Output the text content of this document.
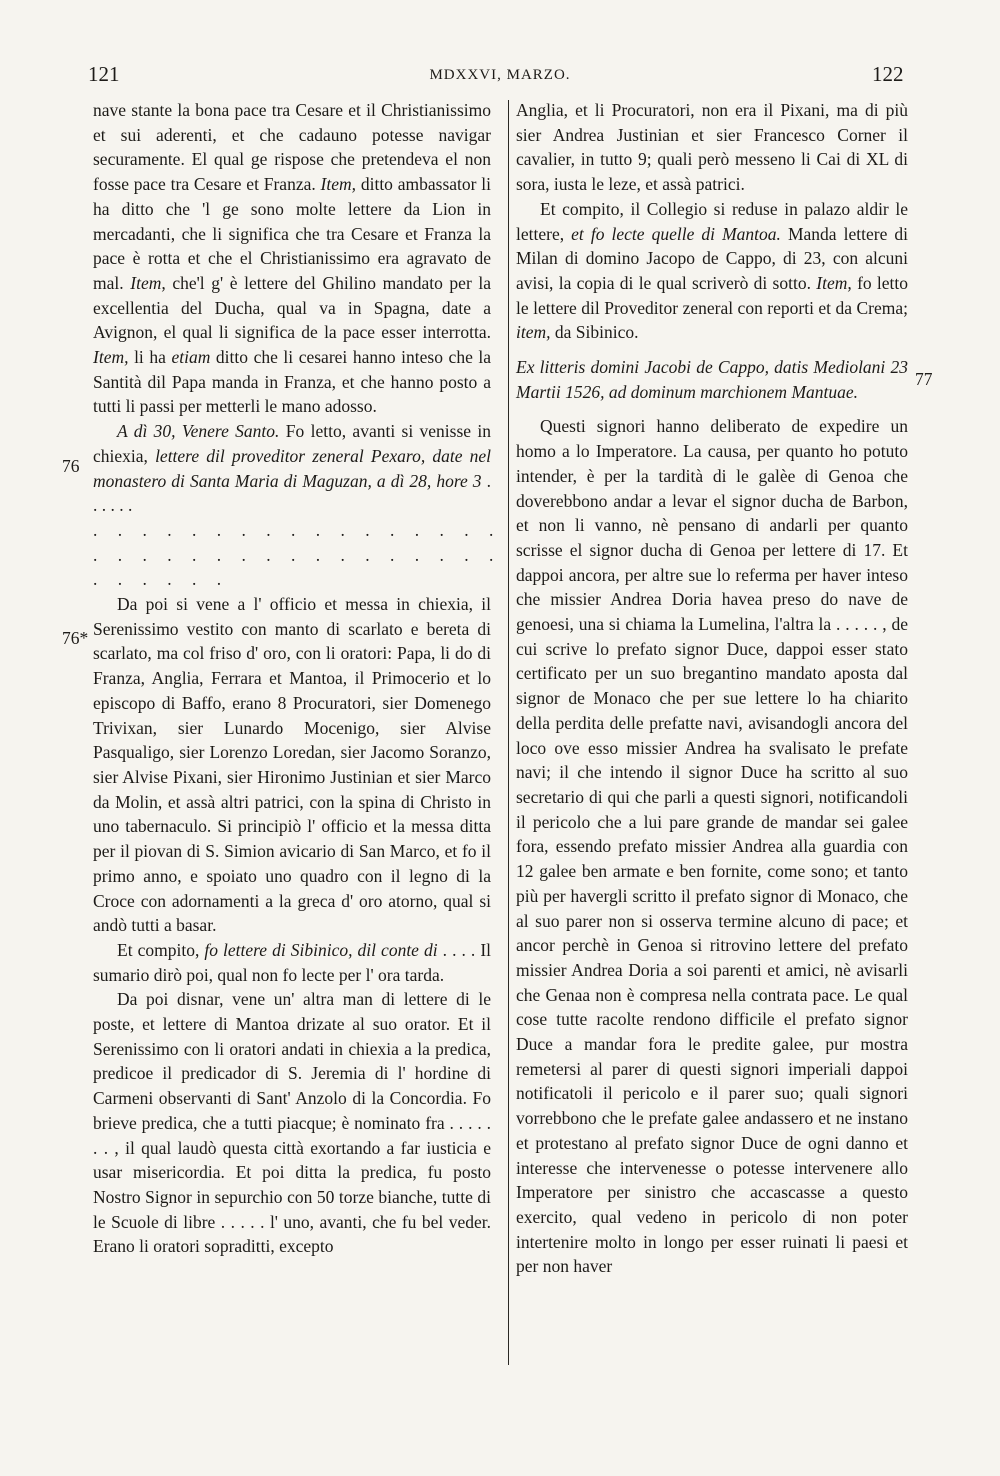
121	MDXXVI, MARZO.	122
76
76*
77

nave stante la bona pace tra Cesare et il Christianissimo et sui aderenti, et che cadauno potesse navigar securamente. El qual ge rispose che pretendeva el non fosse pace tra Cesare et Franza. Item, ditto ambassator li ha ditto che 'l ge sono molte lettere da Lion in mercadanti, che li significa che tra Cesare et Franza la pace è rotta et che el Christianissimo era agravato de mal. Item, che'l g' è lettere del Ghilino mandato per la excellentia del Ducha, qual va in Spagna, date a Avignon, el qual li significa de la pace esser interrotta. Item, li ha etiam ditto che li cesarei hanno inteso che la Santità dil Papa manda in Franza, et che hanno posto a tutti li passi per metterli le mano adosso.

A dì 30, Venere Santo. Fo letto, avanti si venisse in chiexia, lettere dil proveditor zeneral Pexaro, date nel monastero di Santa Maria di Maguzan, a dì 28, hore 3 . . . . . .

. . . . . . . . . . . . . . . . .

. . . . . . . . . . . . . . . . .

. . . . . .

Da poi si vene a l' officio et messa in chiexia, il Serenissimo vestito con manto di scarlato e bereta di scarlato, ma col friso d' oro, con li oratori: Papa, li do di Franza, Anglia, Ferrara et Mantoa, il Primocerio et lo episcopo di Baffo, erano 8 Procuratori, sier Domenego Trivixan, sier Lunardo Mocenigo, sier Alvise Pasqualigo, sier Lorenzo Loredan, sier Jacomo Soranzo, sier Alvise Pixani, sier Hironimo Justinian et sier Marco da Molin, et assà altri patrici, con la spina di Christo in uno tabernaculo. Si principiò l' officio et la messa ditta per il piovan di S. Simion avicario di San Marco, et fo il primo anno, e spoiato uno quadro con il legno di la Croce con adornamenti a la greca d' oro atorno, qual si andò tutti a basar.

Et compito, fo lettere di Sibinico, dil conte di . . . . Il sumario dirò poi, qual non fo lecte per l' ora tarda.

Da poi disnar, vene un' altra man di lettere di le poste, et lettere di Mantoa drizate al suo orator. Et il Serenissimo con li oratori andati in chiexia a la predica, predicoe il predicador di S. Jeremia di l' hordine di Carmeni observanti di Sant' Anzolo di la Concordia. Fo brieve predica, che a tutti piacque; è nominato fra . . . . . . . , il qual laudò questa città exortando a far iusticia e usar misericordia. Et poi ditta la predica, fu posto Nostro Signor in sepurchio con 50 torze bianche, tutte di le Scuole di libre . . . . . l' uno, avanti, che fu bel veder. Erano li oratori sopraditti, excepto

Anglia, et li Procuratori, non era il Pixani, ma di più sier Andrea Justinian et sier Francesco Corner il cavalier, in tutto 9; quali però messeno li Cai di XL di sora, iusta le leze, et assà patrici.

Et compito, il Collegio si reduse in palazo aldir le lettere, et fo lecte quelle di Mantoa. Manda lettere di Milan di domino Jacopo de Cappo, di 23, con alcuni avisi, la copia di le qual scriverò di sotto. Item, fo letto le lettere dil Proveditor zeneral con reporti et da Crema; item, da Sibinico.

Ex litteris domini Jacobi de Cappo, datis Mediolani 23 Martii 1526, ad dominum marchionem Mantuae.

Questi signori hanno deliberato de expedire un homo a lo Imperatore. La causa, per quanto ho potuto intender, è per la tardità di le galèe di Genoa che doverebbono andar a levar el signor ducha de Barbon, et non li vanno, nè pensano di andarli per quanto scrisse el signor ducha di Genoa per lettere di 17. Et dappoi ancora, per altre sue lo referma per haver inteso che missier Andrea Doria havea preso do nave de genoesi, una si chiama la Lumelina, l'altra la . . . . . , de cui scrive lo prefato signor Duce, dappoi esser stato certificato per un suo bregantino mandato aposta dal signor de Monaco che per sue lettere lo ha chiarito della perdita delle prefatte navi, avisandogli ancora del loco ove esso missier Andrea ha svalisato le prefate navi; il che intendo il signor Duce ha scritto al suo secretario di qui che parli a questi signori, notificandoli il pericolo che a lui pare grande de mandar sei galee fora, essendo prefato missier Andrea alla guardia con 12 galee ben armate e ben fornite, come sono; et tanto più per havergli scritto il prefato signor di Monaco, che al suo parer non si osserva termine alcuno di pace; et ancor perchè in Genoa si ritrovino lettere del prefato missier Andrea Doria a soi parenti et amici, nè avisarli che Genaa non è compresa nella contrata pace. Le qual cose tutte racolte rendono difficile el prefato signor Duce a mandar fora le predite galee, pur mostra remetersi al parer di questi signori imperiali dappoi notificatoli il pericolo e il parer suo; quali signori vorrebbono che le prefate galee andassero et ne instano et protestano al prefato signor Duce de ogni danno et interesse che intervenesse o potesse intervenere allo Imperatore per sinistro che accascasse a questo exercito, qual vedeno in pericolo di non poter intertenire molto in longo per esser ruinati li paesi et per non haver
